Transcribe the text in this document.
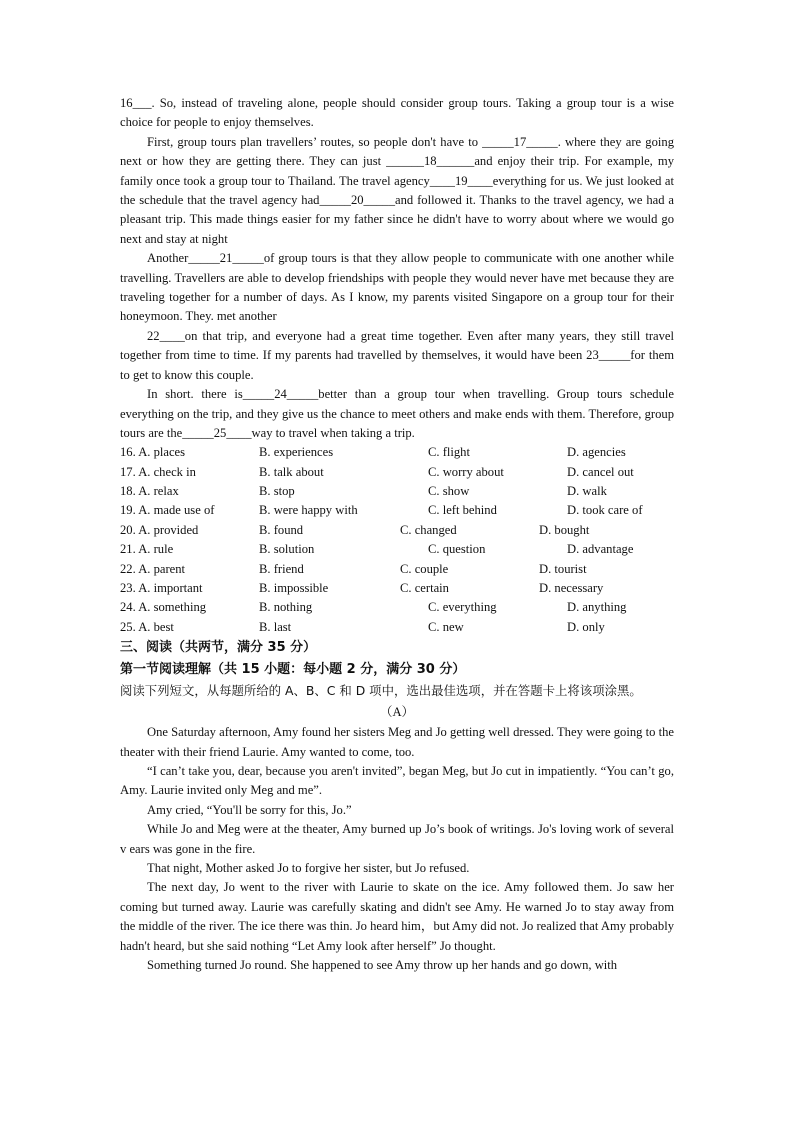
16___. So, instead of traveling alone, people should consider group tours. Taking a group tour is a wise choice for people to enjoy themselves.

First, group tours plan travellers’ routes, so people don't have to _____17_____. where they are going next or how they are getting there. They can just ______18______and enjoy their trip. For example, my family once took a group tour to Thailand. The travel agency____19____everything for us. We just looked at the schedule that the travel agency had_____20_____and followed it. Thanks to the travel agency, we had a pleasant trip. This made things easier for my father since he didn't have to worry about where we would go next and stay at night

Another_____21_____of group tours is that they allow people to communicate with one another while travelling. Travellers are able to develop friendships with people they would never have met because they are traveling together for a number of days. As I know, my parents visited Singapore on a group tour for their honeymoon. They. met another

22____on that trip, and everyone had a great time together. Even after many years, they still travel together from time to time. If my parents had travelled by themselves, it would have been 23_____for them to get to know this couple.

In short. there is_____24_____better than a group tour when travelling. Group tours schedule everything on the trip, and they give us the chance to meet others and make ends with them. Therefore, group tours are the_____25____way to travel when taking a trip.

16. A. places	B. experiences	C. flight	D. agencies
17. A. check in	B. talk about	C. worry about	D. cancel out
18. A. relax	B. stop	C. show	D. walk
19. A. made use of	B. were happy with	C. left behind	D. took care of
20. A. provided	B. found	C. changed	D. bought
21. A. rule	B. solution	C. question	D. advantage
22. A. parent	B. friend	C. couple	D. tourist
23. A. important	B. impossible	C. certain	D. necessary
24. A. something	B. nothing	C. everything	D. anything
25. A. best	B. last	C. new	D. only

三、阅读（共两节，满分 35 分）

第一节阅读理解（共 15 小题：每小题 2 分，满分 30 分）

阅读下列短文，从每题所给的 A、B、C 和 D 项中，选出最佳选项，并在答题卡上将该项涂黑。

（A）

One Saturday afternoon, Amy found her sisters Meg and Jo getting well dressed. They were going to the theater with their friend Laurie. Amy wanted to come, too.

“I can’t take you, dear, because you aren't invited”, began Meg, but Jo cut in impatiently. “You can’t go, Amy. Laurie invited only Meg and me”.

Amy cried, “You'll be sorry for this, Jo.”

While Jo and Meg were at the theater, Amy burned up Jo’s book of writings. Jo's loving work of several v ears was gone in the fire.

That night, Mother asked Jo to forgive her sister, but Jo refused.

The next day, Jo went to the river with Laurie to skate on the ice. Amy followed them. Jo saw her coming but turned away. Laurie was carefully skating and didn't see Amy. He warned Jo to stay away from the middle of the river. The ice there was thin. Jo heard him，but Amy did not. Jo realized that Amy probably hadn't heard, but she said nothing “Let Amy look after herself” Jo thought.

Something turned Jo round. She happened to see Amy throw up her hands and go down, with
